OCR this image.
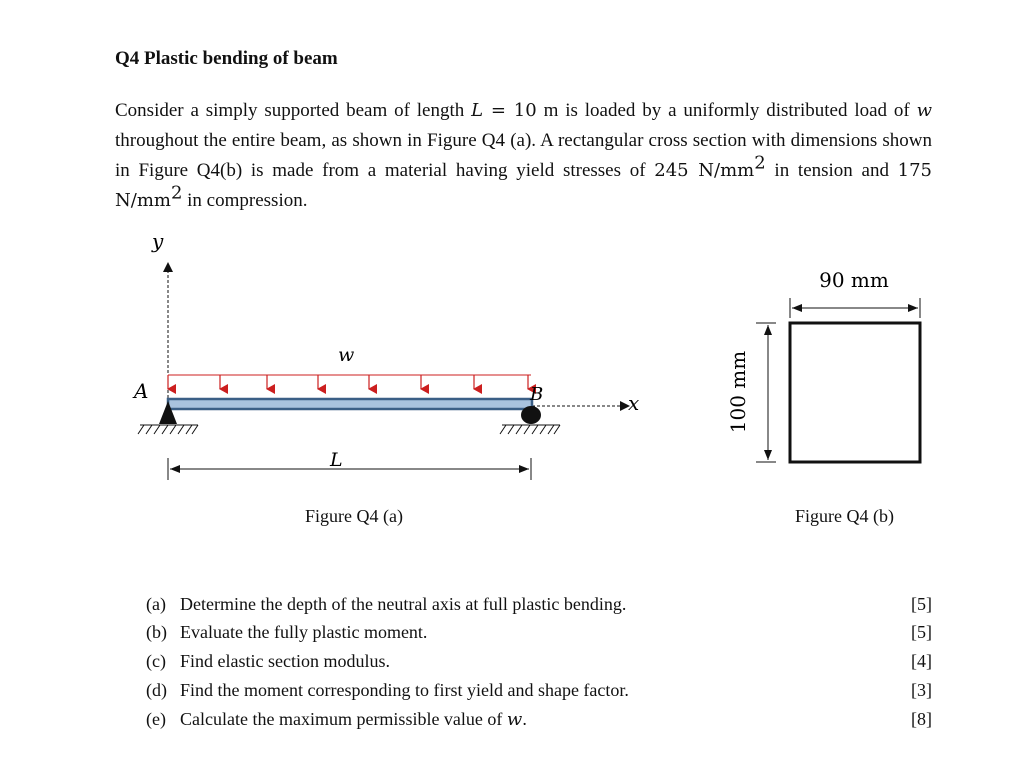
Q4 Plastic bending of beam
Consider a simply supported beam of length L = 10 m is loaded by a uniformly distributed load of w throughout the entire beam, as shown in Figure Q4 (a). A rectangular cross section with dimensions shown in Figure Q4(b) is made from a material having yield stresses of 245 $N/mm^2$ in tension and 175 $N/mm^2$ in compression.
y
x
w
A	B
L
90 mm
100 mm
Figure Q4 (a)	Figure Q4 (b)
(a) Determine the depth of the neutral axis at full plastic bending.	[5]
(b) Evaluate the fully plastic moment.	[5]
(c) Find elastic section modulus.	[4]
(d) Find the moment corresponding to first yield and shape factor.	[3]
(e) Calculate the maximum permissible value of w.	[8]
